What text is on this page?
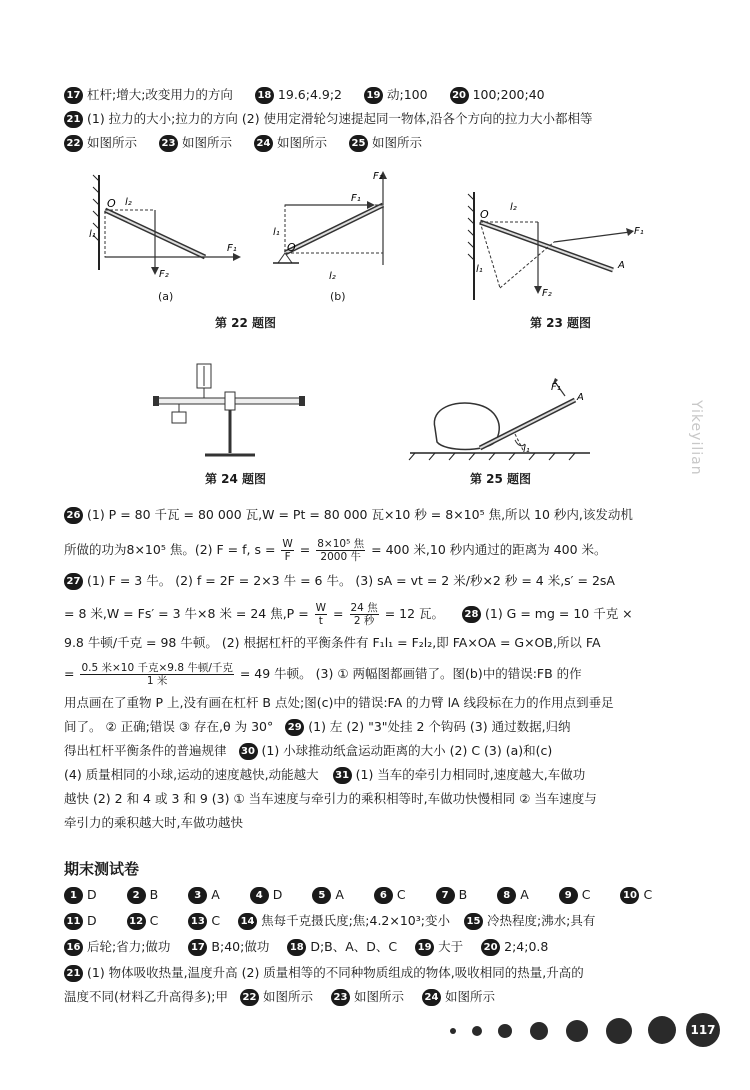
17 杠杆;增大;改变用力的方向 18 19.6;4.9;2 19 动;100 20 100;200;40
21 (1) 拉力的大小;拉力的方向 (2) 使用定滑轮匀速提起同一物体,沿各个方向的拉力大小都相等
22 如图所示 23 如图所示 24 如图所示 25 如图所示
O l₂
l₁
F₁
F₂
(a)
O
l₁
l₂
F₁
F₂
(b)
第 22 题图
O
l₂
l₁
F₁
F₂
A
第 23 题图
第 24 题图
F₁
A
l₁
第 25 题图
Yikeyilian
26 (1) P = 80 千瓦 = 80 000 瓦,W = Pt = 80 000 瓦×10 秒 = 8×10⁵ 焦,所以 10 秒内,该发动机
所做的功为8×10⁵ 焦。(2) F = f, $s = \frac{W}{F} = \frac{\text{8×10⁵ 焦}}{\text{2000 牛}} = 400$ 米,10 秒内通过的距离为 400 米。
27 (1) F = 3 牛。 (2) f = 2F = 2×3 牛 = 6 牛。 (3) sA = vt = 2 米/秒×2 秒 = 4 米,s′ = 2sA
= 8 米,W = Fs′ = 3 牛×8 米 = 24 焦$,P = \frac{W}{t} = \frac{\text{24 焦}}{\text{2 秒}} = 12$ 瓦。 28 (1) G = mg = 10 千克 ×
9.8 牛顿/千克 = 98 牛顿。 (2) 根据杠杆的平衡条件有 F₁l₁ = F₂l₂,即 FA×OA = G×OB,所以 FA
= $\frac{\text{0.5 米×10 千克×9.8 牛顿/千克}}{\text{1 米}} = 49$ 牛顿。 (3) ① 两幅图都画错了。图(b)中的错误:FB 的作
用点画在了重物 P 上,没有画在杠杆 B 点处;图(c)中的错误:FA 的力臂 lA 线段标在力的作用点到垂足
间了。 ② 正确;错误 ③ 存在,θ 为 30° 29 (1) 左 (2) "3"处挂 2 个钩码 (3) 通过数据,归纳
得出杠杆平衡条件的普遍规律 30 (1) 小球推动纸盒运动距离的大小 (2) C (3) (a)和(c)
(4) 质量相同的小球,运动的速度越快,动能越大 31 (1) 当车的牵引力相同时,速度越大,车做功
越快 (2) 2 和 4 或 3 和 9 (3) ① 当车速度与牵引力的乘积相等时,车做功快慢相同 ② 当车速度与
牵引力的乘积越大时,车做功越快
期末测试卷
1 D	2 B	3 A	4 D	5 A	6 C	7 B	8 A	9 C	10 C
11 D	12 C	13 C 14 焦每千克摄氏度;焦;4.2×10³;变小 15 冷热程度;沸水;具有
16 后轮;省力;做功 17 B;40;做功 18 D;B、A、D、C 19 大于 20 2;4;0.8
21 (1) 物体吸收热量,温度升高 (2) 质量相等的不同种物质组成的物体,吸收相同的热量,升高的
温度不同(材料乙升高得多);甲 22 如图所示 23 如图所示 24 如图所示
117
